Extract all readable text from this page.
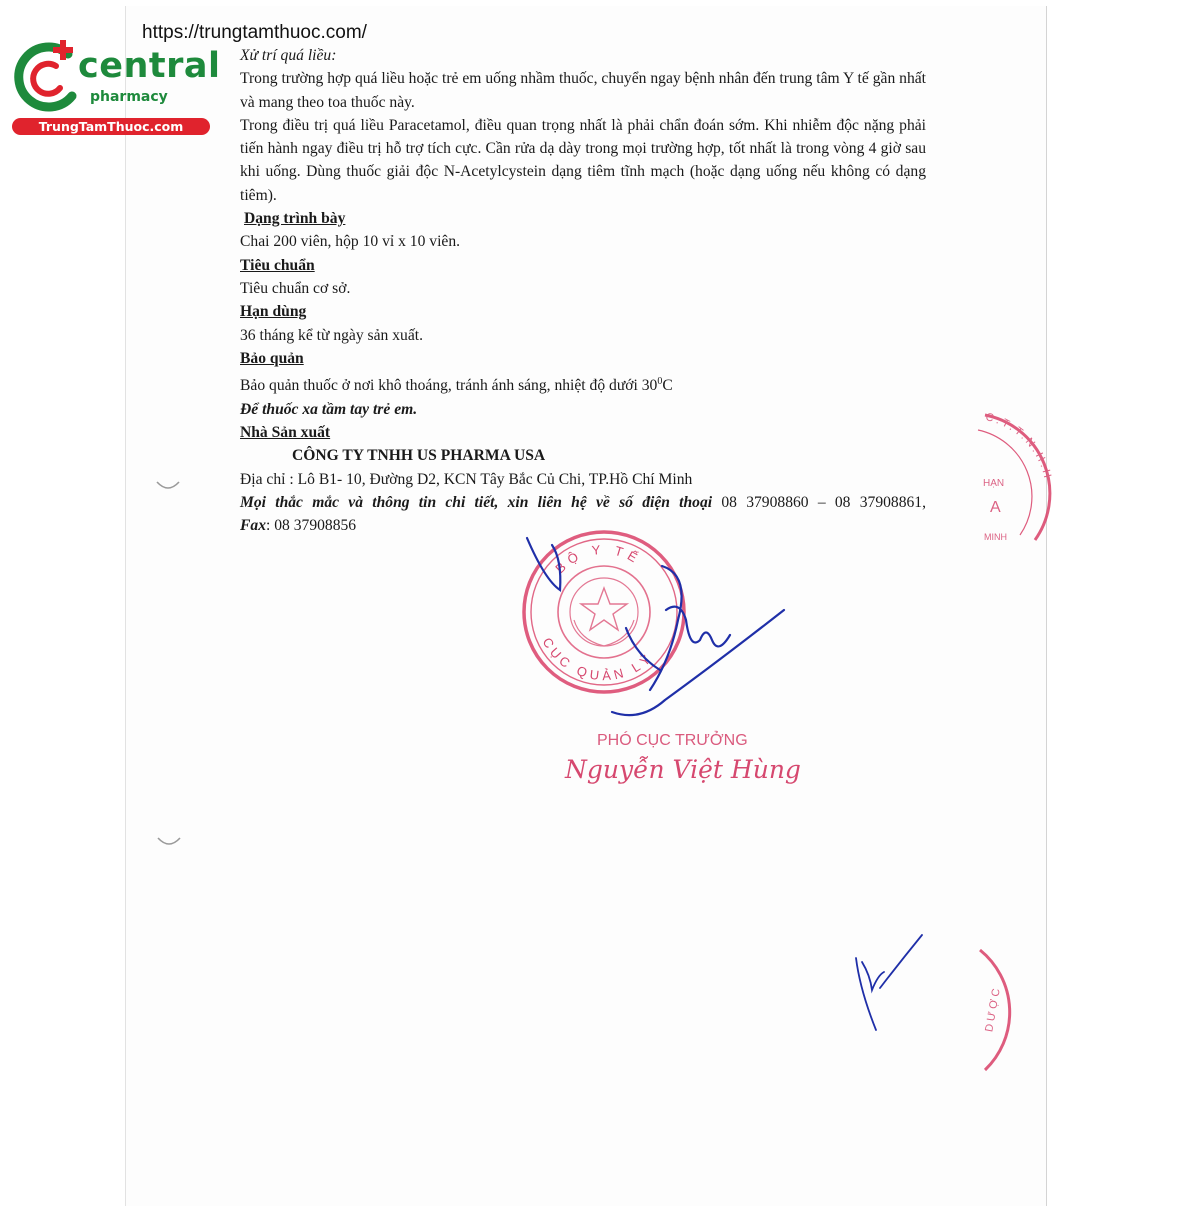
https://trungtamthuoc.com/
central
pharmacy
TrungTamThuoc.com

Xử trí quá liều:

Trong trường hợp quá liều hoặc trẻ em uống nhầm thuốc, chuyển ngay bệnh nhân đến trung tâm Y tế gần nhất và mang theo toa thuốc này.

Trong điều trị quá liều Paracetamol, điều quan trọng nhất là phải chẩn đoán sớm. Khi nhiễm độc nặng phải tiến hành ngay điều trị hỗ trợ tích cực. Cần rửa dạ dày trong mọi trường hợp, tốt nhất là trong vòng 4 giờ sau khi uống. Dùng thuốc giải độc N-Acetylcystein dạng tiêm tĩnh mạch (hoặc dạng uống nếu không có dạng tiêm).

Dạng trình bày

Chai 200 viên, hộp 10 vỉ x 10 viên.

Tiêu chuẩn

Tiêu chuẩn cơ sở.

Hạn dùng

36 tháng kể từ ngày sản xuất.

Bảo quản

Bảo quản thuốc ở nơi khô thoáng, tránh ánh sáng, nhiệt độ dưới $30^0C$

Để thuốc xa tầm tay trẻ em.

Nhà Sản xuất

CÔNG TY TNHH US PHARMA USA

Địa chỉ : Lô B1- 10, Đường D2, KCN Tây Bắc Củ Chi, TP.Hồ Chí Minh

Mọi thắc mắc và thông tin chi tiết, xin liên hệ về số điện thoại 08 37908860 – 08 37908861,

Fax: 08 37908856

BỘ Y TẾ
CỤC QUẢN LÝ
PHÓ CỤC TRƯỞNG
Nguyễn Việt Hùng
C.T.T.N.H.H
HẠN
A
MINH
DƯỢC
